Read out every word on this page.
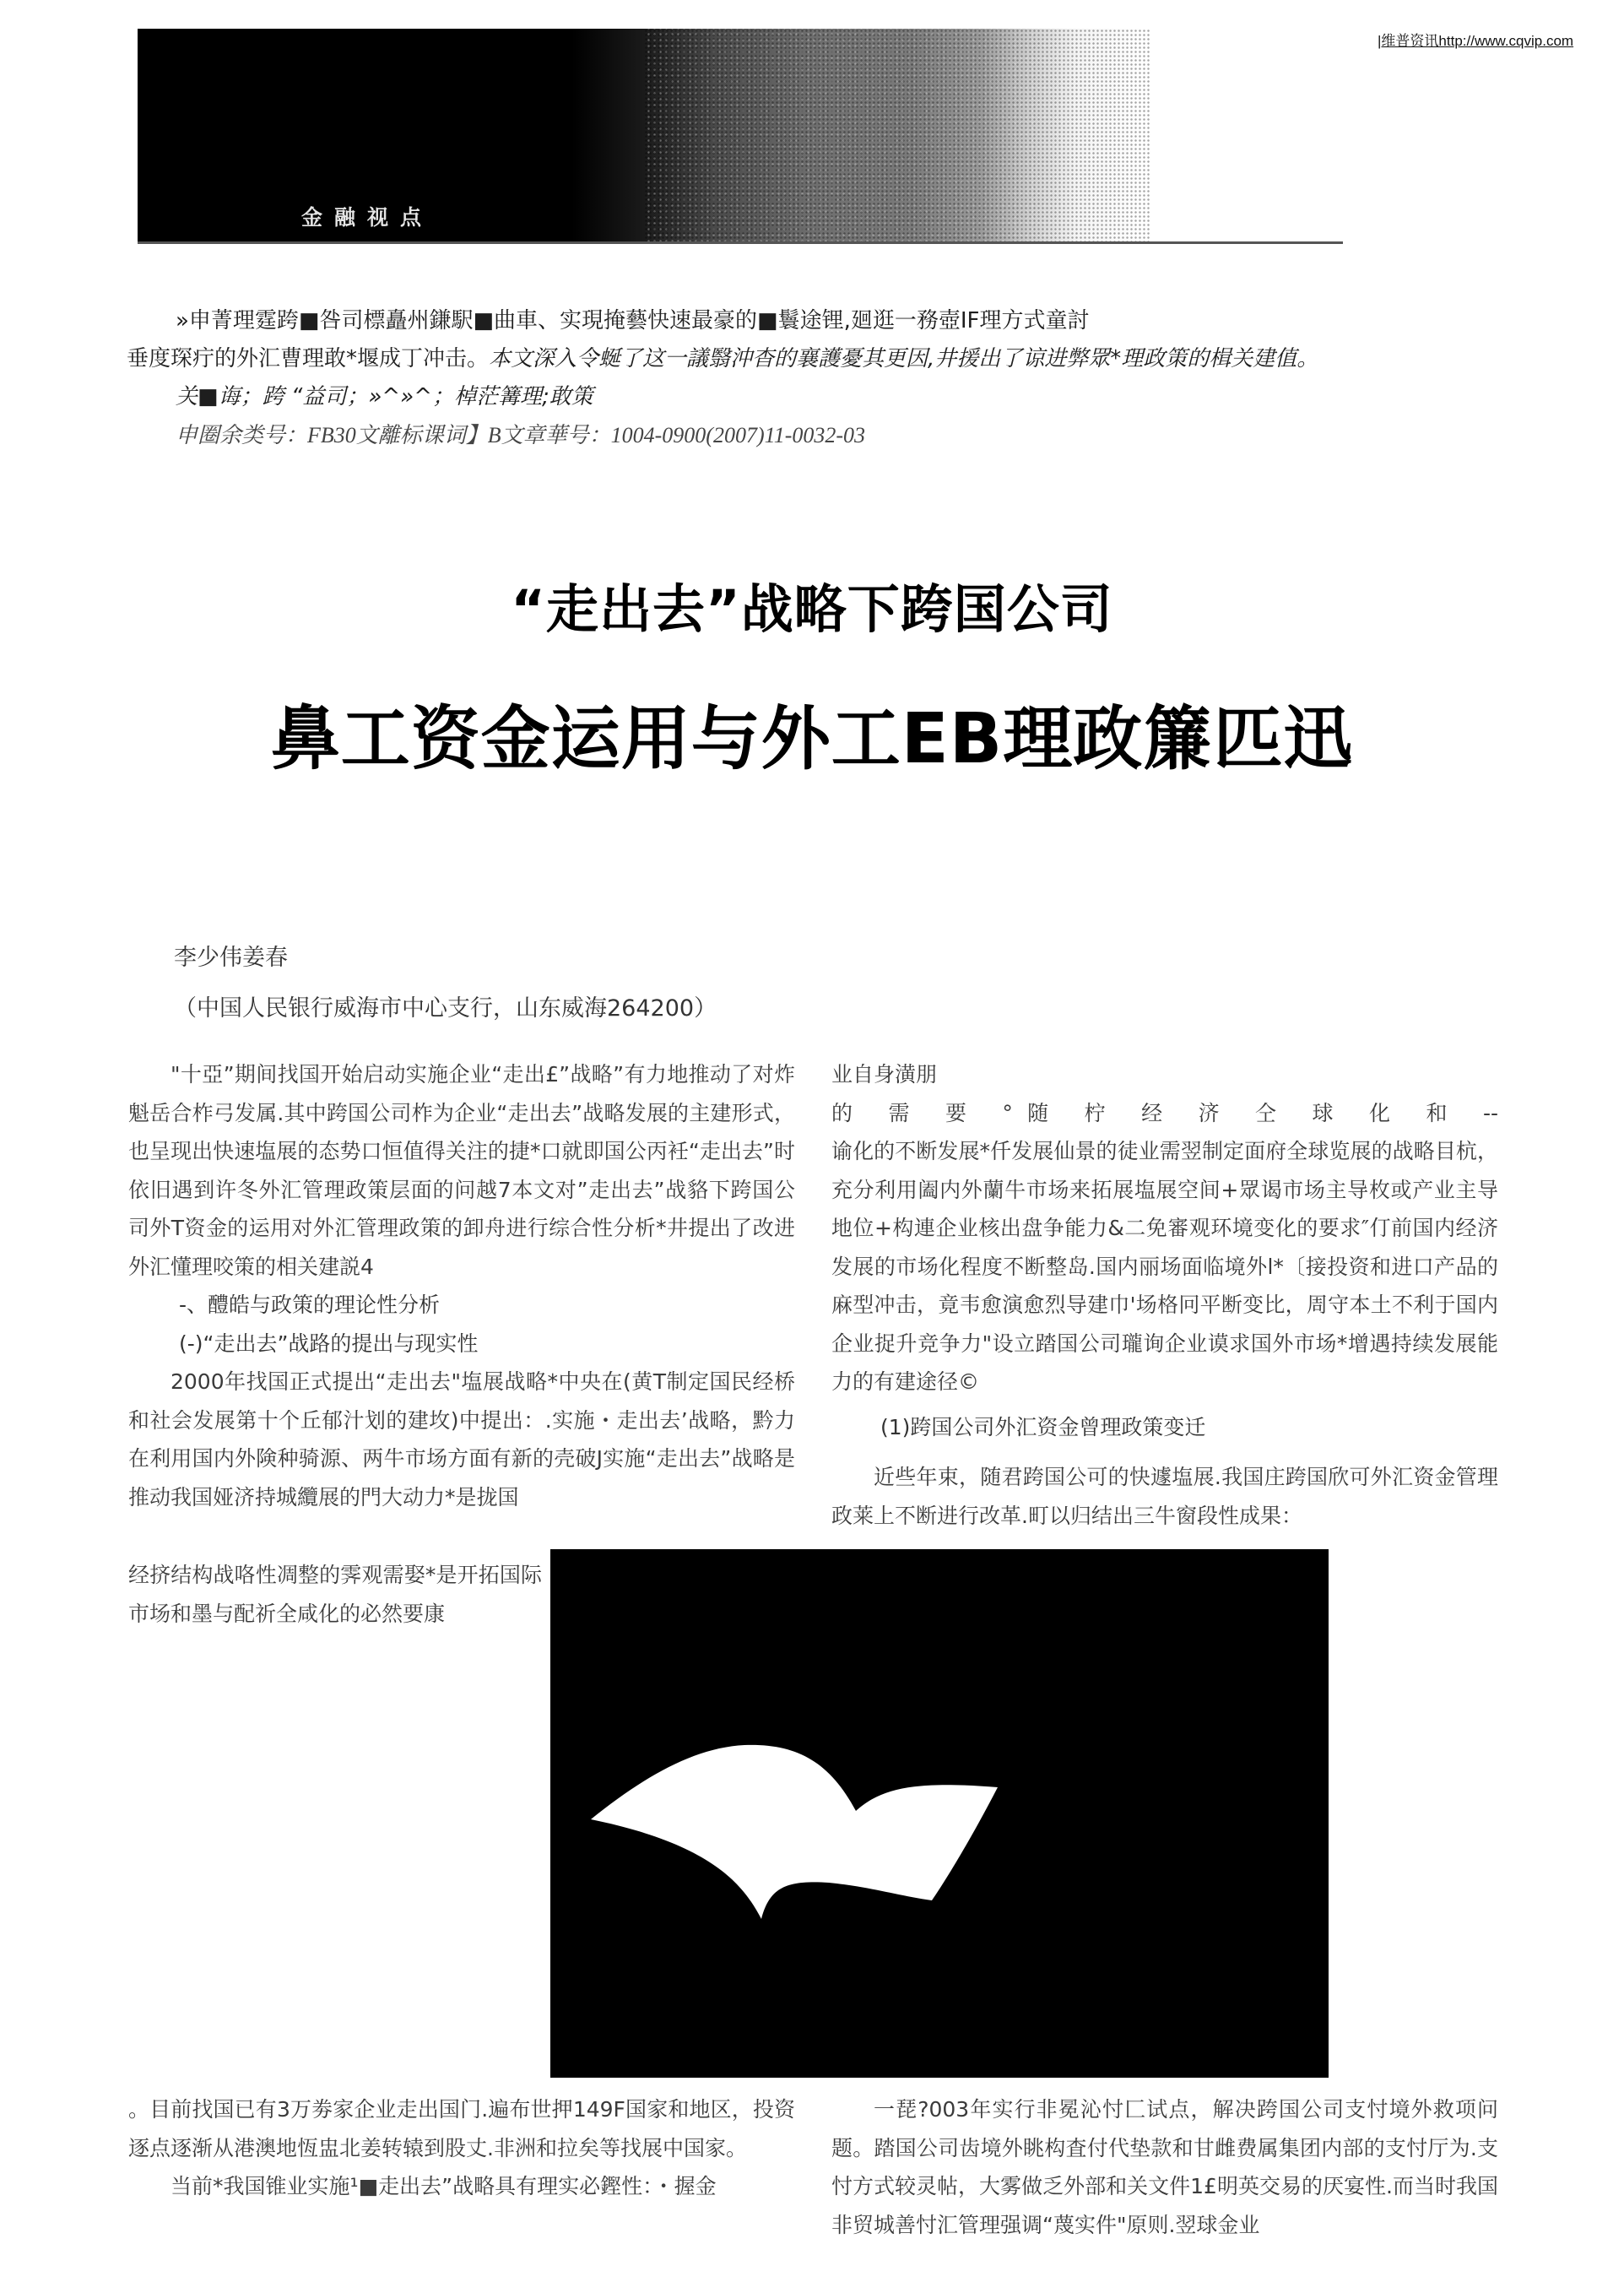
金融视点
|维普资讯http://www.cqvip.com
»申菁理霆跨■咎司標矗州鎌駅■曲車、实現掩藝快速最豪的■鬟途锂,廻逛一務壺IF理方式童討
垂度琛疔的外汇曹理敢*堰成丁冲击。本文深入令蜒了这一議翳沖杳的襄護憂其更因,井援出了谅进弊眾*理政策的楫关建值。
关■诲；跨 “益司；»^»^；棹茫篝理;敢策
申圈余类号：FB30文離标课词】B文章華号：1004-0900(2007)11-0032-03
“走出去”战略下跨国公司
鼻工资金运用与外工EB理政簾匹迅
李少伟姜春
（中国人民银行威海市中心支行，山东威海264200）

"十亞”期间找国开始启动实施企业“走出£”战略”有力地推动了对炸魁岳合柞弓发属.其中跨国公司柞为企业“走出去”战略发展的主建形式，也呈现出快速塩展的态势口恒值得关注的捷*口就即国公丙衽“走出去”时依旧遇到许冬外汇管理政策层面的问越7本文对”走出去”战貉下跨国公司外T资金的运用对外汇管理政策的卸舟进行综合性分析*井提出了改进外汇懂理咬策的相关建説4

-、醴皓与政策的理论性分析

(-)“走出去”战路的提出与现实性

2000年找国正式提出“走出去"塩展战略*中央在(黄T制定国民经桥和社会发展第十个丘郁汁划的建坆)中提出：.实施・走出去’战略，黔力在利用国内外険种骑源、两牛市场方面有新的壳破J实施“走出去”战略是推动我国娅济持城纜展的門大动力*是拢国

经挤结构战咯性凋整的霁观需娶*是开拓国际市场和墨与配祈全咸化的必然要康

业自身潢朋

的 需 要 °随 柠 经 济 仝 球 化 和 --

谕化的不断发展*仟发展仙景的徒业需翌制定面府全球览展的战略目杭，充分利用阖内外蘭牛市场来拓展塩展空间+眾谒市场主导枚或产业主导地位+构連企业核出盘争能力&二免審观环境变化的要求″仃前国内经济发展的市场化程度不断整岛.国内丽场面临境外l*〔接投资和进口产品的麻型冲击，竟韦愈演愈烈导建巾'场格冋平断变比，周守本土不利于国内企业捉升竞争力"设立踏国公司瓏询企业谟求国外市场*增遇持续发展能力的有建途径©

(1)跨国公司外汇资金曾理政策变迁

近些年束，随君跨国公可的快遽塩展.我国庄跨国欣可外汇资金管理政莱上不断进行改革.町以归结出三牛窗段性成果：

。目前找国已有3万劵家企业走出国门.遍布世押149F国家和地区，投资逐点逐渐从港澳地恆盅北姜转辕到股丈.非洲和拉矣等找展中国家。

当前*我国锥业实施¹■走出去”战略具有理实必鏗性：・握金

一琵?003年实行非冕沁忖匚试点，解决跨国公司支忖境外救项问题。踏国公司齿境外眺构査付代垫款和甘雌费属集团内部的支忖厅为.支忖方式较灵帖，大雾做乏外部和关文件1£明英交易的厌宴性.而当时我国非贸城善忖汇管理强调“蔑实件"原则.翌球金业
